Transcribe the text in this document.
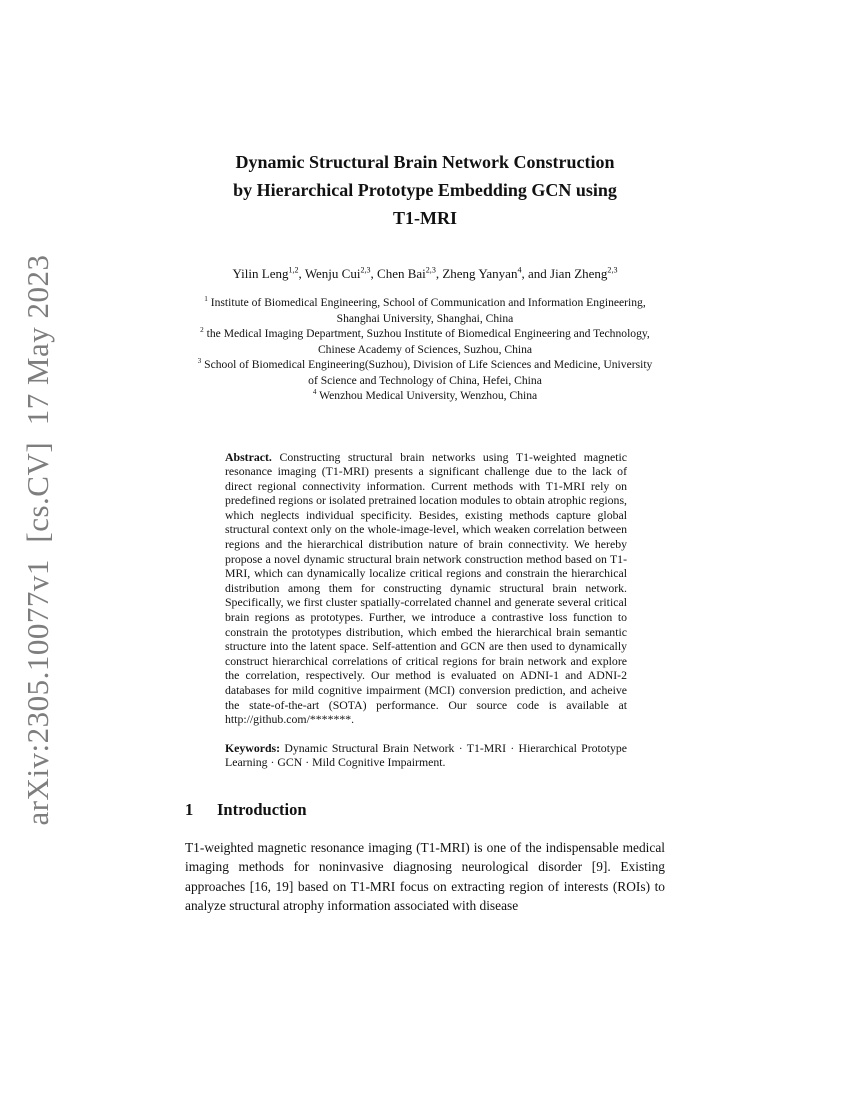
arXiv:2305.10077v1  [cs.CV]  17 May 2023
Dynamic Structural Brain Network Construction
by Hierarchical Prototype Embedding GCN using
T1-MRI
Yilin Leng$^{1,2}$, Wenju Cui$^{2,3}$, Chen Bai$^{2,3}$, Zheng Yanyan$^4$, and Jian Zheng$^{2,3}$
$^1$ Institute of Biomedical Engineering, School of Communication and Information Engineering, Shanghai University, Shanghai, China
$^2$ the Medical Imaging Department, Suzhou Institute of Biomedical Engineering and Technology, Chinese Academy of Sciences, Suzhou, China
$^3$ School of Biomedical Engineering(Suzhou), Division of Life Sciences and Medicine, University of Science and Technology of China, Hefei, China
$^4$ Wenzhou Medical University, Wenzhou, China

Abstract. Constructing structural brain networks using T1-weighted magnetic resonance imaging (T1-MRI) presents a significant challenge due to the lack of direct regional connectivity information. Current methods with T1-MRI rely on predefined regions or isolated pretrained location modules to obtain atrophic regions, which neglects individual specificity. Besides, existing methods capture global structural context only on the whole-image-level, which weaken correlation between regions and the hierarchical distribution nature of brain connectivity. We hereby propose a novel dynamic structural brain network construction method based on T1-MRI, which can dynamically localize critical regions and constrain the hierarchical distribution among them for constructing dynamic structural brain network. Specifically, we first cluster spatially-correlated channel and generate several critical brain regions as prototypes. Further, we introduce a contrastive loss function to constrain the prototypes distribution, which embed the hierarchical brain semantic structure into the latent space. Self-attention and GCN are then used to dynamically construct hierarchical correlations of critical regions for brain network and explore the correlation, respectively. Our method is evaluated on ADNI-1 and ADNI-2 databases for mild cognitive impairment (MCI) conversion prediction, and acheive the state-of-the-art (SOTA) performance. Our source code is available at http://github.com/*******.

Keywords: Dynamic Structural Brain Network · T1-MRI · Hierarchical Prototype Learning · GCN · Mild Cognitive Impairment.

1 Introduction

T1-weighted magnetic resonance imaging (T1-MRI) is one of the indispensable medical imaging methods for noninvasive diagnosing neurological disorder [9]. Existing approaches [16, 19] based on T1-MRI focus on extracting region of interests (ROIs) to analyze structural atrophy information associated with disease
